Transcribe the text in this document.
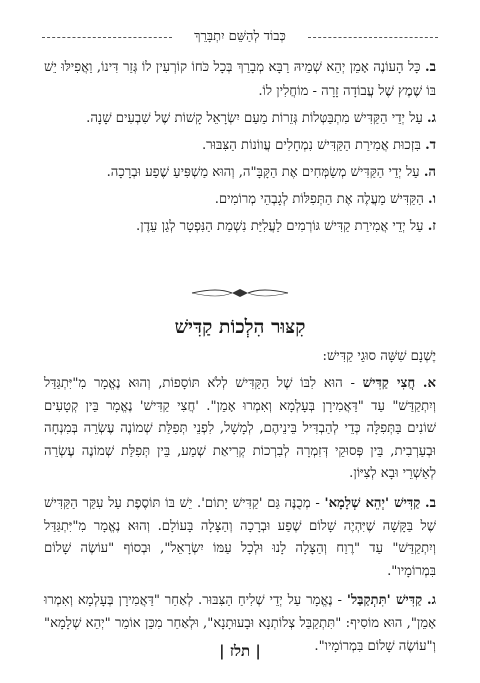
כְּבוֹד לְהַשֵּׁם יִתְבָּרֵךְ

ב. כָּל הָעוֹנֶה אָמֵן יְהֵא שְׁמֵיהּ רַבָּא מְבָרַךְ בְּכָל כֹּחוֹ קוֹרְעִין לוֹ גְּזַר דִּינוֹ, וַאֲפִילּוּ יֵשׁ בּוֹ שֶׁמֶץ שֶׁל עֲבוֹדָה זָרָה - מוֹחֲלִין לוֹ.

ג. עַל יְדֵי הַקַּדִּישׁ מִתְבַּטְּלוֹת גְּזֵרוֹת מֵעַם יִשְׂרָאֵל קָשׁוֹת שֶׁל שִׁבְעִים שָׁנָה.

ד. בִּזְכוּת אֲמִירַת הַקַּדִּישׁ נִמְחָלִים עֲווֹנוֹת הַצִּבּוּר.

ה. עַל יְדֵי הַקַּדִּישׁ מְשַׂמְּחִים אֶת הַקָּבָּ"ה, וְהוּא מַשְׁפִּיעַ שֶׁפַע וּבְרָכָה.

ו. הַקַּדִּישׁ מַעֲלֶה אֶת הַתְּפִלּוֹת לְגָבְהֵי מְרוֹמִים.

ז. עַל יְדֵי אֲמִירַת קַדִּישׁ גּוֹרְמִים לַעֲלִיַּת נִשְׁמַת הַנִּפְטָר לְגַן עֵדֶן.

קִצּוּר הִלְכוֹת קַדִּישׁ
יֶשְׁנָם שִׁשָּׁה סוּגֵי קַדִּישׁ:

א. חֲצִי קַדִּישׁ - הוּא לִבּוֹ שֶׁל הַקַּדִּישׁ לְלֹא תּוֹסָפוֹת, וְהוּא נֶאֱמָר מִ"יִּתְגַּדַּל וְיִתְקַדַּשׁ" עַד "דַּאֲמִירָן בְּעָלְמָא וְאִמְרוּ אָמֵן". 'חֲצִי קַדִּישׁ' נֶאֱמָר בֵּין קְטָעִים שׁוֹנִים בַּתְּפִלָּה כְּדֵי לְהַבְדִּיל בֵּינֵיהֶם, לְמָשָׁל, לִפְנֵי תְּפִלַּת שְׁמוֹנֶה עֶשְׂרֵה בְּמִנְחָה וּבְעַרְבִית, בֵּין פְּסוּקֵי דְּזִמְרָה לְבִרְכוֹת קְרִיאַת שְׁמַע, בֵּין תְּפִלַּת שְׁמוֹנֶה עֶשְׂרֵה לְאַשְׁרֵי וּבָא לְצִיּוֹן.

ב. קַדִּישׁ 'יְהֵא שְׁלָמָא' - מְכֻנֶּה גַּם 'קַדִּישׁ יָתוֹם'. יֵשׁ בּוֹ תּוֹסֶפֶת עַל עִקַּר הַקַּדִּישׁ שֶׁל בַּקָּשָׁה שֶׁיִּהְיֶה שָׁלוֹם שֶׁפַע וּבְרָכָה וְהַצָּלָה בָּעוֹלָם. וְהוּא נֶאֱמָר מִ"יִּתְגַּדַּל וְיִתְקַדַּשׁ" עַד "רֶוַח וְהַצָּלָה לָנוּ וּלְכָל עַמּוֹ יִשְׂרָאֵל", וּבְסוֹף "עוֹשֶׂה שָׁלוֹם בִּמְרוֹמָיו".

ג. קַדִּישׁ 'תִּתְקַבַּל' - נֶאֱמָר עַל יְדֵי שְׁלִיחַ הַצִּבּוּר. לְאַחַר "דַּאֲמִירָן בְּעָלְמָא וְאִמְרוּ אָמֵן", הוּא מוֹסִיף: "תִּתְקַבַּל צְלוֹתְנָא וּבָעוּתָנָא", וּלְאַחַר מִכֵּן אוֹמֵר "יְהֵא שְׁלָמָא" וְ"עוֹשֶׂה שָׁלוֹם בִּמְרוֹמָיו".

| תלז |
